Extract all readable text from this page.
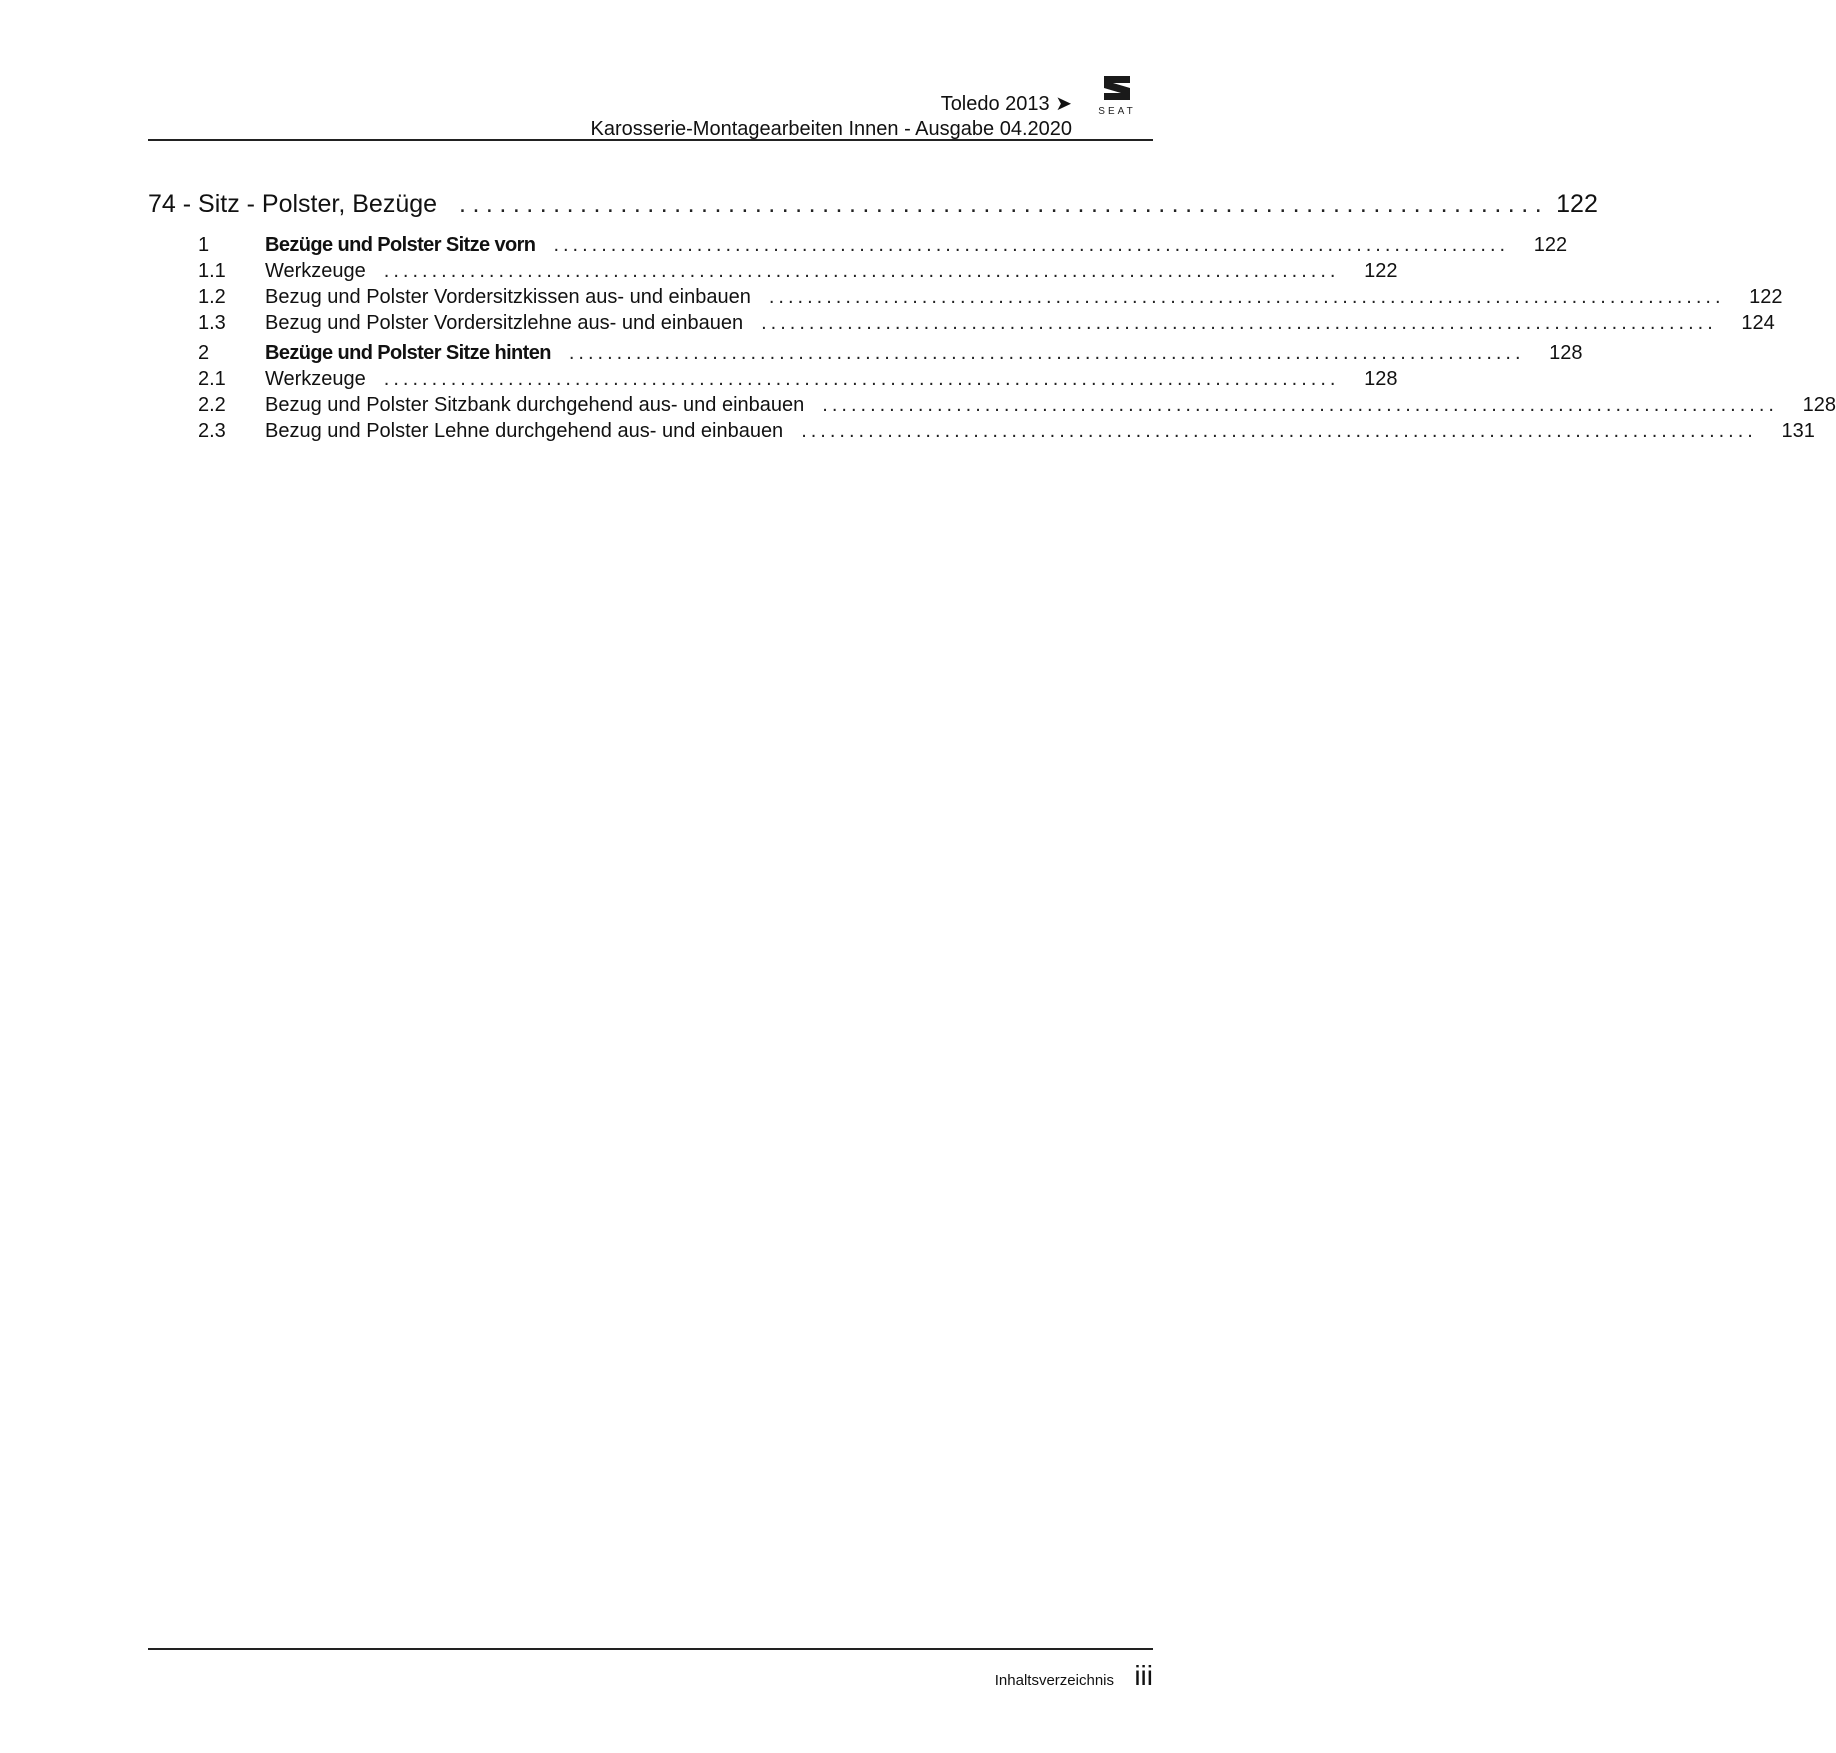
Toledo 2013 ➤
Karosserie-Montagearbeiten Innen - Ausgabe 04.2020
SEAT
74 - Sitz - Polster, Bezüge ................................................................................. 122
1	Bezüge und Polster Sitze vorn ....................................................................................................	122
1.1	Werkzeuge ....................................................................................................	122
1.2	Bezug und Polster Vordersitzkissen aus- und einbauen ....................................................................................................	122
1.3	Bezug und Polster Vordersitzlehne aus- und einbauen ....................................................................................................	124
2	Bezüge und Polster Sitze hinten ....................................................................................................	128
2.1	Werkzeuge ....................................................................................................	128
2.2	Bezug und Polster Sitzbank durchgehend aus- und einbauen ....................................................................................................	128
2.3	Bezug und Polster Lehne durchgehend aus- und einbauen ....................................................................................................	131
Inhaltsverzeichnis iii
